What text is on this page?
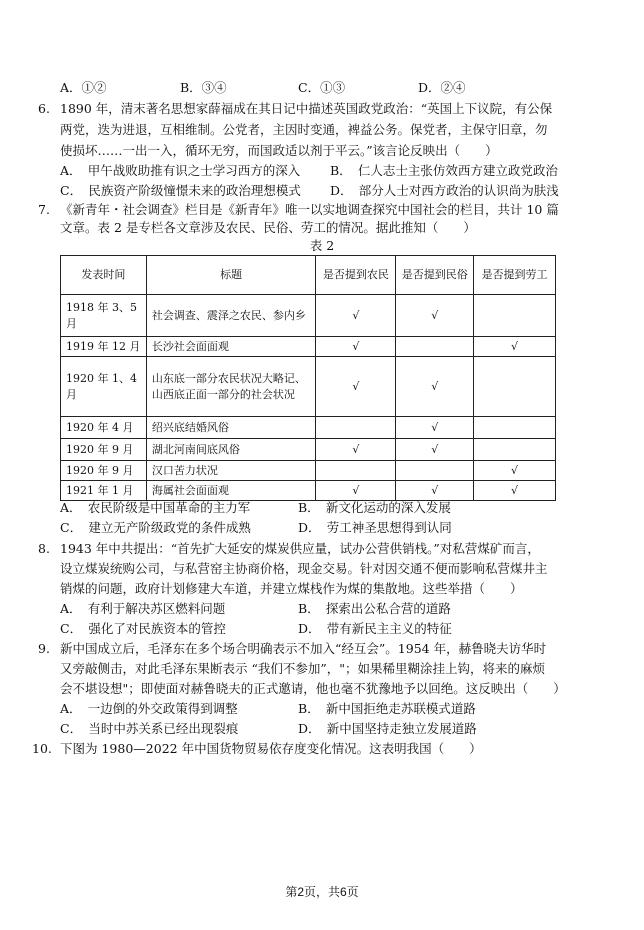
A．①②	B．③④	C．①③	D．②④
6. 1890 年，清末著名思想家薛福成在其日记中描述英国政党政治：“英国上下议院，有公保
两党，迭为进退，互相维制。公党者，主因时变通，裨益公务。保党者，主保守旧章，勿
使损坏……一出一入，循环无穷，而国政适以剂于平云。”该言论反映出（　　）
A．　甲午战败助推有识之士学习西方的深入 B．　仁人志士主张仿效西方建立政党政治
C．　民族资产阶级憧憬未来的政治理想模式 D．　部分人士对西方政治的认识尚为肤浅
7. 《新青年・社会调查》栏目是《新青年》唯一以实地调查探究中国社会的栏目，共计 10 篇
文章。表 2 是专栏各文章涉及农民、民俗、劳工的情况。据此推知（　　）
表 2
发表时间	标题	是否提到农民	是否提到民俗	是否提到劳工
1918 年 3、5 月	社会调查、震泽之农民、参内乡	√	√	
1919 年 12 月	长沙社会面面观	√		√
1920 年 1、4 月	山东底一部分农民状况大略记、山西底正面一部分的社会状况	√	√	
1920 年 4 月	绍兴底结婚风俗		√	
1920 年 9 月	湖北河南间底风俗	√	√	
1920 年 9 月	汉口苦力状况			√
1921 年 1 月	海属社会面面观	√	√	√
A．　农民阶级是中国革命的主力军	B．　新文化运动的深入发展
C．　建立无产阶级政党的条件成熟	D．　劳工神圣思想得到认同
8. 1943 年中共提出：“首先扩大延安的煤炭供应量，试办公营供销栈。”对私营煤矿而言，
设立煤炭统购公司，与私营窑主协商价格，现金交易。针对因交通不便而影响私营煤井主
销煤的问题，政府计划修建大车道，并建立煤栈作为煤的集散地。这些举措（　　）
A．　有利于解决苏区燃料问题	B．　探索出公私合营的道路
C．　强化了对民族资本的管控	D．　带有新民主主义的特征
9. 新中国成立后，毛泽东在多个场合明确表示不加入“经互会”。1954 年，赫鲁晓夫访华时
又旁敲侧击，对此毛泽东果断表示 “我们不参加”，"；如果稀里糊涂挂上钩，将来的麻烦
会不堪设想"；即使面对赫鲁晓夫的正式邀请，他也毫不犹豫地予以回绝。这反映出（　　）
A．　一边倒的外交政策得到调整	B．　新中国拒绝走苏联模式道路
C．　当时中苏关系已经出现裂痕	D．　新中国坚持走独立发展道路
10. 下图为 1980—2022 年中国货物贸易依存度变化情况。这表明我国（　　）
第2页，共6页
